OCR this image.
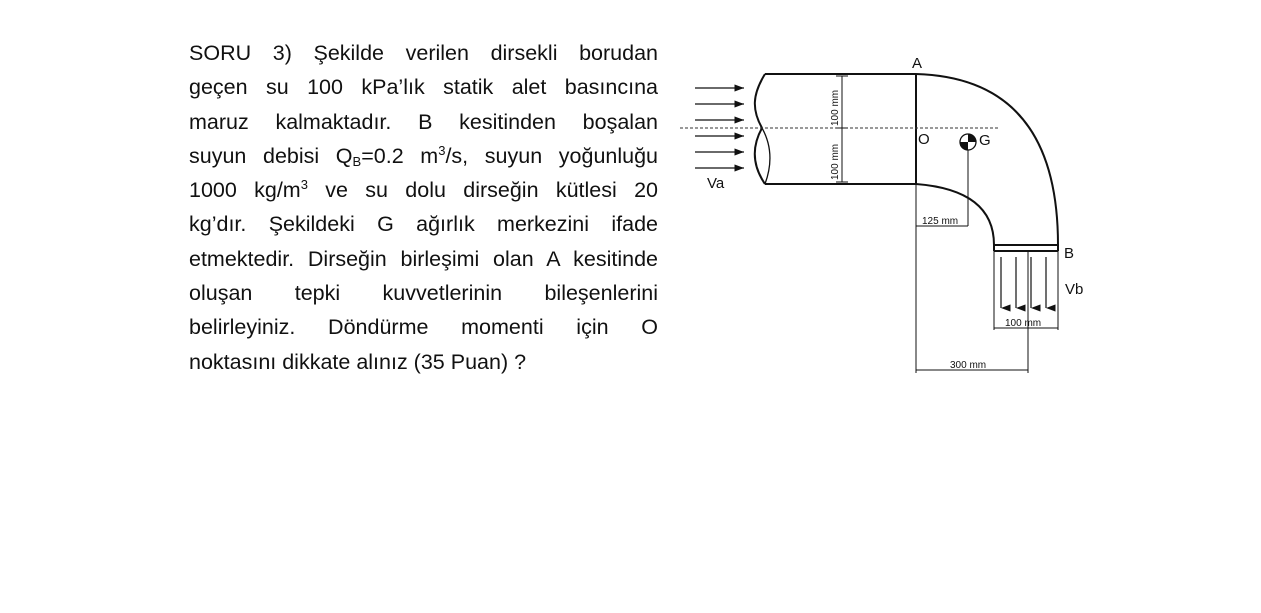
SORU 3) Şekilde verilen dirsekli borudan
geçen su 100 kPa’lık statik alet basıncına
maruz kalmaktadır. B kesitinden boşalan
suyun debisi $Q_B=0.2$ $m^3/s$, suyun yoğunluğu
1000 $kg/m^3$ ve su dolu dirseğin kütlesi 20
kg’dır. Şekildeki G ağırlık merkezini ifade
etmektedir. Dirseğin birleşimi olan A kesitinde
oluşan tepki kuvvetlerinin bileşenlerini
belirleyiniz. Döndürme momenti için O
noktasını dikkate alınız (35 Puan) ?
100 mm
100 mm
125 mm
100 mm
300 mm
A
B
O	G
Va
Vb
